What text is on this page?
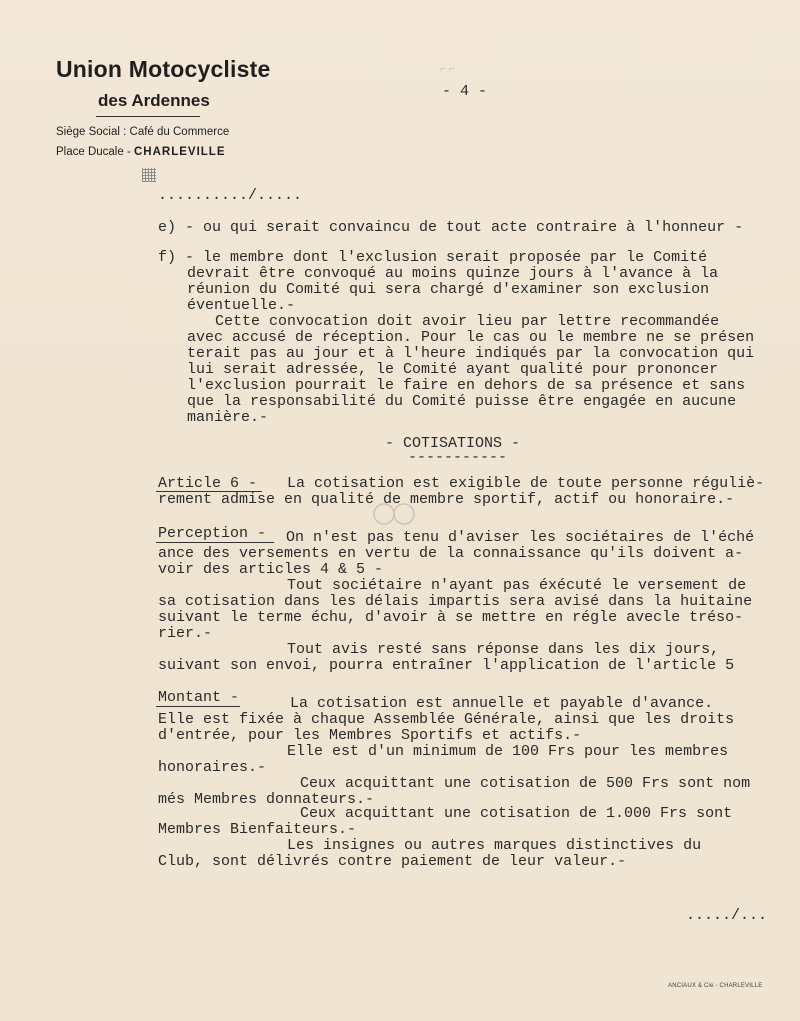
Union Motocycliste
des Ardennes
Siège Social : Café du Commerce
Place Ducale - CHARLEVILLE
⌐ ⌐
- 4 -
........../.....
e) - ou qui serait convaincu de tout acte contraire à l'honneur -
f) - le membre dont l'exclusion serait proposée par le Comité
devrait être convoqué au moins quinze jours à l'avance à la
réunion du Comité qui sera chargé d'examiner son exclusion
éventuelle.-
Cette convocation doit avoir lieu par lettre recommandée
avec accusé de réception. Pour le cas ou le membre ne se présen
terait pas au jour et à l'heure indiqués par la convocation qui
lui serait adressée, le Comité ayant qualité pour prononcer
l'exclusion pourrait le faire en dehors de sa présence et sans
que la responsabilité du Comité puisse être engagée en aucune
manière.-
- COTISATIONS -
-----------
Article 6 - La cotisation est exigible de toute personne réguliè-
rement admise en qualité de membre sportif, actif ou honoraire.-
Perception - On n'est pas tenu d'aviser les sociétaires de l'éché
ance des versements en vertu de la connaissance qu'ils doivent a-
voir des articles 4 & 5 -
Tout sociétaire n'ayant pas éxécuté le versement de
sa cotisation dans les délais impartis sera avisé dans la huitaine
suivant le terme échu, d'avoir à se mettre en régle avecle tréso-
rier.-
Tout avis resté sans réponse dans les dix jours,
suivant son envoi, pourra entraîner l'application de l'article 5
Montant -	La cotisation est annuelle et payable d'avance.
Elle est fixée à chaque Assemblée Générale, ainsi que les droits
d'entrée, pour les Membres Sportifs et actifs.-
Elle est d'un minimum de 100 Frs pour les membres
honoraires.-
Ceux acquittant une cotisation de 500 Frs sont nom
més Membres donnateurs.-
Ceux acquittant une cotisation de 1.000 Frs sont
Membres Bienfaiteurs.-
Les insignes ou autres marques distinctives du
Club, sont délivrés contre paiement de leur valeur.-
...../...
ANCIAUX & Cie - CHARLEVILLE
